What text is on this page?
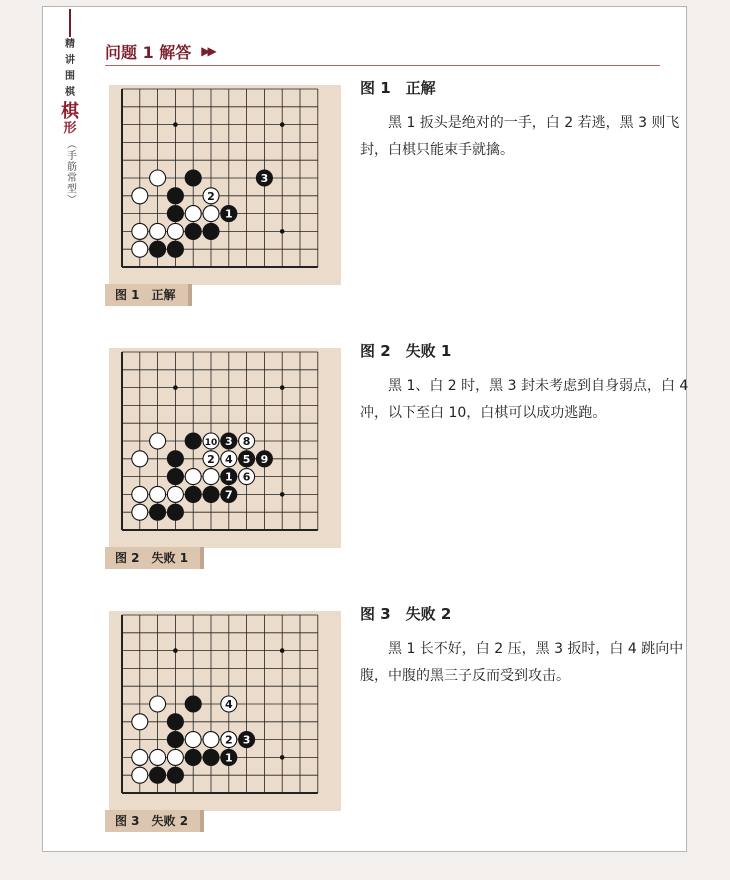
精
讲
围
棋
棋
形
（手筋常型）
问题 1 解答 ▶▶
3
2
1
图 1　正解
图 1　正解
黑 1 扳头是绝对的一手，白 2 若逃，黑 3 则飞封，白棋只能束手就擒。
10 3 8
2 4 5 9
1 6
7
图 2　失败 1
图 2　失败 1
黑 1、白 2 时，黑 3 封未考虑到自身弱点，白 4 冲，以下至白 10，白棋可以成功逃跑。
4
2 3
1
图 3　失败 2
图 3　失败 2
黑 1 长不好，白 2 压，黑 3 扳时，白 4 跳向中腹，中腹的黑三子反而受到攻击。
